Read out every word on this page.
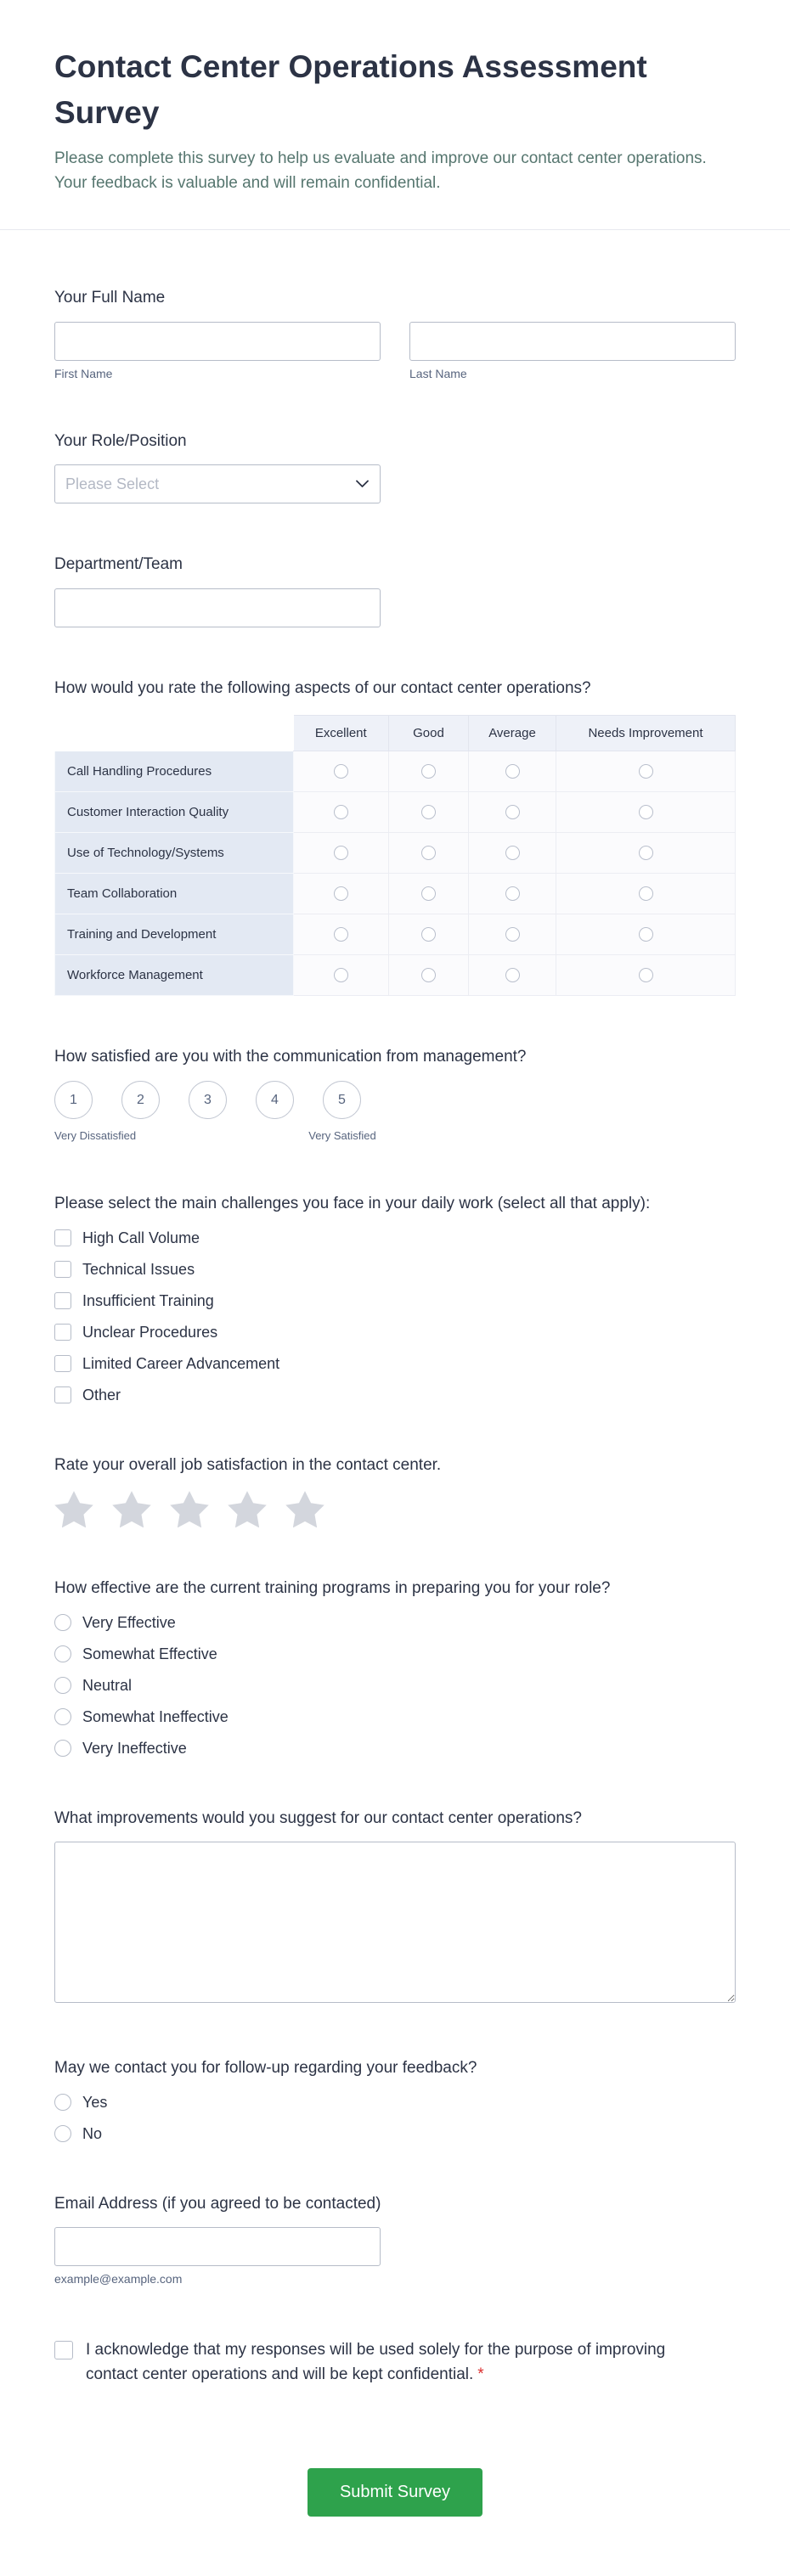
Contact Center Operations Assessment Survey

Please complete this survey to help us evaluate and improve our contact center operations. Your feedback is valuable and will remain confidential.

Your Full Name
First Name	Last Name
Your Role/Position
Please Select
Department/Team
How would you rate the following aspects of our contact center operations?
	Excellent	Good	Average	Needs Improvement
Call Handling Procedures				
Customer Interaction Quality				
Use of Technology/Systems				
Team Collaboration				
Training and Development				
Workforce Management				
How satisfied are you with the communication from management?
1	2	3	4	5
Very Dissatisfied	Very Satisfied
Please select the main challenges you face in your daily work (select all that apply):
High Call Volume
Technical Issues
Insufficient Training
Unclear Procedures
Limited Career Advancement
Other
Rate your overall job satisfaction in the contact center.
How effective are the current training programs in preparing you for your role?
Very Effective
Somewhat Effective
Neutral
Somewhat Ineffective
Very Ineffective
What improvements would you suggest for our contact center operations?
May we contact you for follow-up regarding your feedback?
Yes
No
Email Address (if you agreed to be contacted)
example@example.com
I acknowledge that my responses will be used solely for the purpose of improving contact center operations and will be kept confidential. *
Submit Survey
